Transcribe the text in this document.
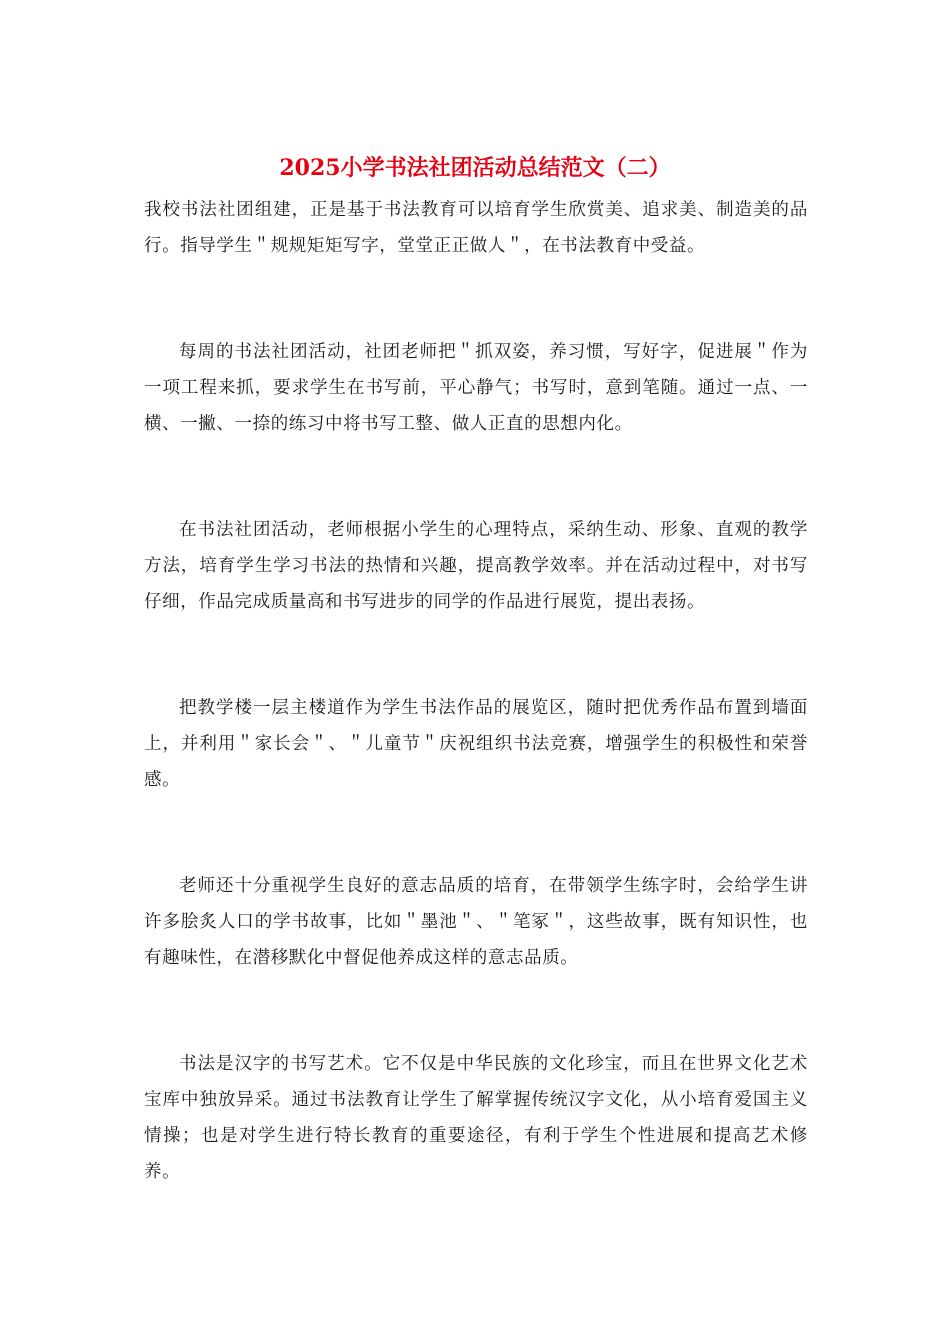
2025小学书法社团活动总结范文（二）

我校书法社团组建，正是基于书法教育可以培育学生欣赏美、追求美、制造美的品行。指导学生＂规规矩矩写字，堂堂正正做人＂，在书法教育中受益。

每周的书法社团活动，社团老师把＂抓双姿，养习惯，写好字，促进展＂作为一项工程来抓，要求学生在书写前，平心静气；书写时，意到笔随。通过一点、一横、一撇、一捺的练习中将书写工整、做人正直的思想内化。

在书法社团活动，老师根据小学生的心理特点，采纳生动、形象、直观的教学方法，培育学生学习书法的热情和兴趣，提高教学效率。并在活动过程中，对书写仔细，作品完成质量高和书写进步的同学的作品进行展览，提出表扬。

把教学楼一层主楼道作为学生书法作品的展览区，随时把优秀作品布置到墙面上，并利用＂家长会＂、＂儿童节＂庆祝组织书法竞赛，增强学生的积极性和荣誉感。

老师还十分重视学生良好的意志品质的培育，在带领学生练字时，会给学生讲许多脍炙人口的学书故事，比如＂墨池＂、＂笔冢＂，这些故事，既有知识性，也有趣味性，在潜移默化中督促他养成这样的意志品质。

书法是汉字的书写艺术。它不仅是中华民族的文化珍宝，而且在世界文化艺术宝库中独放异采。通过书法教育让学生了解掌握传统汉字文化，从小培育爱国主义情操；也是对学生进行特长教育的重要途径，有利于学生个性进展和提高艺术修养。
